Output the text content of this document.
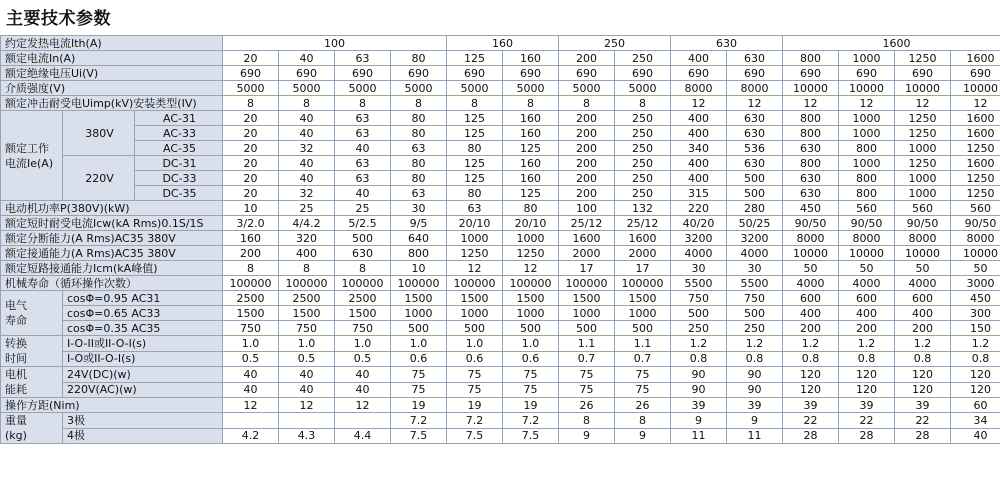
主要技术参数
约定发热电流Ith(A)			100				160		250		630		1600			
额定电流In(A)			20	40	63	80	125	160	200	250	400	630	800	1000	1250	1600
额定绝缘电压Ui(V)			690	690	690	690	690	690	690	690	690	690	690	690	690	690
介质强度(V)			5000	5000	5000	5000	5000	5000	5000	5000	8000	8000	10000	10000	10000	10000
额定冲击耐受电Uimp(kV)安装类型(IV)			8	8	8	8	8	8	8	8	12	12	12	12	12	12

额定工作
电流Ie(A)	380V	AC-31	20	40	63	80	125	160	200	250	400	630	800	1000	1250	1600
		AC-33	20	40	63	80	125	160	200	250	400	630	800	1000	1250	1600
		AC-35	20	32	40	63	80	125	200	250	340	536	630	800	1000	1250
	220V	DC-31	20	40	63	80	125	160	200	250	400	630	800	1000	1250	1600
		DC-33	20	40	63	80	125	160	200	250	400	500	630	800	1000	1250
		DC-35	20	32	40	63	80	125	200	250	315	500	630	800	1000	1250
电动机功率P(380V)(kW)			10	25	25	30	63	80	100	132	220	280	450	560	560	560
额定短时耐受电流Icw(kA Rms)0.1S/1S			3/2.0	4/4.2	5/2.5	9/5	20/10	20/10	25/12	25/12	40/20	50/25	90/50	90/50	90/50	90/50
额定分断能力(A Rms)AC35 380V			160	320	500	640	1000	1000	1600	1600	3200	3200	8000	8000	8000	8000
额定接通能力(A Rms)AC35 380V			200	400	630	800	1250	1250	2000	2000	4000	4000	10000	10000	10000	10000
额定短路接通能力Icm(kA峰值)			8	8	8	10	12	12	17	17	30	30	50	50	50	50
机械寿命（循环操作次数）			100000	100000	100000	100000	100000	100000	100000	100000	5500	5500	4000	4000	4000	3000

电气
寿命	cosΦ=0.95 AC31		2500	2500	2500	1500	1500	1500	1500	1500	750	750	600	600	600	450
	cosΦ=0.65 AC33		1500	1500	1500	1000	1000	1000	1000	1000	500	500	400	400	400	300
	cosΦ=0.35 AC35		750	750	750	500	500	500	500	500	250	250	200	200	200	150

转换
时间	I-O-II或II-O-I(s)		1.0	1.0	1.0	1.0	1.0	1.0	1.1	1.1	1.2	1.2	1.2	1.2	1.2	1.2
	I-O或II-O-I(s)		0.5	0.5	0.5	0.6	0.6	0.6	0.7	0.7	0.8	0.8	0.8	0.8	0.8	0.8

电机
能耗	24V(DC)(w)		40	40	40	75	75	75	75	75	90	90	120	120	120	120
	220V(AC)(w)		40	40	40	75	75	75	75	75	90	90	120	120	120	120
操作方距(Nim)			12	12	12	19	19	19	26	26	39	39	39	39	39	60

重量
(kg)	3极					7.2	7.2	7.2	8	8	9	9	22	22	22	34
	4极		4.2	4.3	4.4	7.5	7.5	7.5	9	9	11	11	28	28	28	40
